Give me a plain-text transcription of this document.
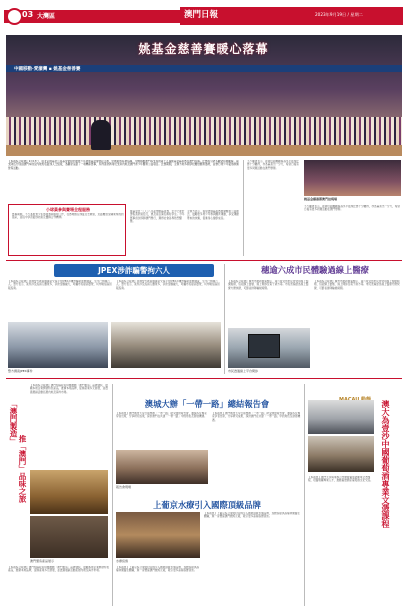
03 大灣區	澳門日報	2023年9月19日 / 星期二
中國移動·愛濠灣 ▪ 姚基金慈善賽
姚基金慈善賽暖心落幕
【本報綜合報道】9月17日，由北京姚基金公益基金會和中國青少年發展基金會發起主辦，中國籃球協會指導，中國移動澳門等支持的第十五屆姚基金慈善賽在澳門落幕。比賽吸引眾多觀眾到場觀看。兩支隊伍分別由澳門本地及內地知名籃球人士組成，為觀眾呈獻了一場精彩賽事，所得善款將用於支持內地及澳門青少年體育公益項目。比賽期間，主辦方向多間學校贈送體育器材，並舉行青少年籃球訓練營等活動。
姚基金自二〇〇八年起舉辦慈善賽，至今已累計籌集善款逾億元，惠及逾百萬名鄉村學生。今年賽事首次移師澳門舉行，獲得社會各界熱烈響應。
主辦方表示，希望透過慈善賽推廣體育公益理念，鼓勵更多青少年參與體育運動，享受運動帶來的快樂，促進身心健康成長。
不少觀眾表示，能夠近距離觀看高水平籃球比賽十分難得，亦為慈善出一分力，希望日後有更多同類活動在澳門舉辦。
小球員參與賽場全程服務
賽事期間，不少本地青少年球員參與服務工作，在賽場擔任球童及志願者，近距離感受職業球員的風采，並從中學習籃球技術及團隊合作精神。
姚基金慈善賽澳門站現場
不少觀眾表示，能夠近距離觀看高水平籃球比賽十分難得，亦為慈善出一分力，希望日後有更多同類活動在澳門舉辦。
JPEX涉詐騙警拘六人
【本報綜合報道】香港警方就虛擬資產交易平台JPEX涉嫌詐騙案展開調查，至今已拘捕六人。警方表示，案件涉及投訴人數眾多，涉款金額龐大，呼籲市民提高警覺，切勿輕信高回報投資。
【本報綜合報道】香港警方就虛擬資產交易平台JPEX涉嫌詐騙案展開調查，至今已拘捕六人。警方表示，案件涉及投訴人數眾多，涉款金額龐大，呼籲市民提高警覺，切勿輕信高回報投資。
警方調查JPEX事件
穗逾六成市民體驗過線上醫療
【本報綜合報道】廣州市最新調查顯示，逾六成受訪市民曾使用線上醫療服務，包括網上掛號、線上問診及電子處方等。市民普遍認為線上醫療方便快捷，可節省排隊輪候時間。
【本報綜合報道】廣州市最新調查顯示，逾六成受訪市民曾使用線上醫療服務，包括網上掛號、線上問診及電子處方等。市民普遍認為線上醫療方便快捷，可節省排隊輪候時間。
市民透過線上平台問診
「澳門製造」
推「澳門」品味之旅
【本報綜合報道】澳門特區政府持續推動「澳門製造」品牌建設，鼓勵本地企業開發特色產品，推廣本地品牌，促進產業多元發展，並透過展銷活動拓展內地及海外市場。
澳門製造產品展示
【本報綜合報道】澳門特區政府持續推動「澳門製造」品牌建設，鼓勵本地企業開發特色產品，推廣本地品牌，促進產業多元發展，並透過展銷活動拓展內地及海外市場。
澳城大辦「一帶一路」總結報告會
【本報訊】澳門城市大學日前舉辦「一帶一路」研究總結報告會，邀請多位專家學者出席，分享研究成果，探討澳門在共建「一帶一路」中的角色及發展機遇。
【本報訊】澳門城市大學日前舉辦「一帶一路」研究總結報告會，邀請多位專家學者出席，分享研究成果，探討澳門在共建「一帶一路」中的角色及發展機遇。
報告會現場
上葡京水療引入國際頂級品牌
水療設施
【本報訊】上葡京綜合度假村宣佈引入國際頂級水療品牌，為旅客提供高端休閒養生體驗，進一步豐富澳門旅遊元素，吸引更多高端客群到訪。
【本報訊】上葡京綜合度假村宣佈引入國際頂級水療品牌，為旅客提供高端休閒養生體驗，進一步豐富澳門旅遊元素，吸引更多高端客群到訪。	澳大為壹沙中國葡萄酒專業文憑課程
【本報訊】澳門大學與業界合作開辦葡萄酒專業文憑課程，培養相關專業人才，推動葡語國家葡萄酒文化交流。
